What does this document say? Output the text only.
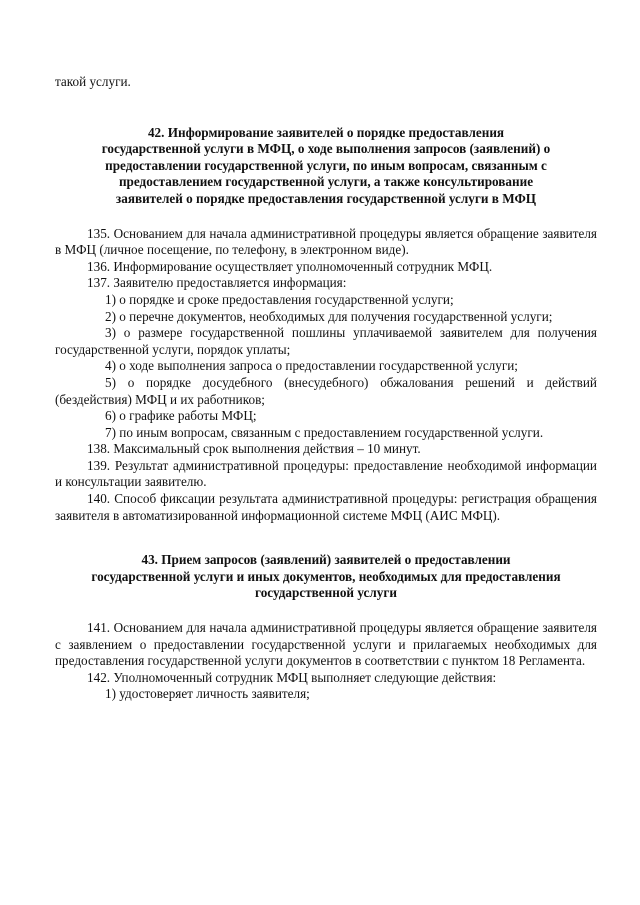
такой услуги.

42. Информирование заявителей о порядке предоставления
государственной услуги в МФЦ, о ходе выполнения запросов (заявлений) о
предоставлении государственной услуги, по иным вопросам, связанным с
предоставлением государственной услуги, а также консультирование
заявителей о порядке предоставления государственной услуги в МФЦ

135. Основанием для начала административной процедуры является обращение заявителя в МФЦ (личное посещение, по телефону, в электронном виде).

136. Информирование осуществляет уполномоченный сотрудник МФЦ.

137. Заявителю предоставляется информация:

1) о порядке и сроке предоставления государственной услуги;

2) о перечне документов, необходимых для получения государственной услуги;

3) о размере государственной пошлины уплачиваемой заявителем для получения государственной услуги, порядок уплаты;

4) о ходе выполнения запроса о предоставлении государственной услуги;

5) о порядке досудебного (внесудебного) обжалования решений и действий (бездействия) МФЦ и их работников;

6) о графике работы МФЦ;

7) по иным вопросам, связанным с предоставлением государственной услуги.

138. Максимальный срок выполнения действия – 10 минут.

139. Результат административной процедуры: предоставление необходимой информации и консультации заявителю.

140. Способ фиксации результата административной процедуры: регистрация обращения заявителя в автоматизированной информационной системе МФЦ (АИС МФЦ).

43. Прием запросов (заявлений) заявителей о предоставлении
государственной услуги и иных документов, необходимых для предоставления
государственной услуги

141. Основанием для начала административной процедуры является обращение заявителя с заявлением о предоставлении государственной услуги и прилагаемых необходимых для предоставления государственной услуги документов в соответствии с пунктом 18 Регламента.

142. Уполномоченный сотрудник МФЦ выполняет следующие действия:

1) удостоверяет личность заявителя;
